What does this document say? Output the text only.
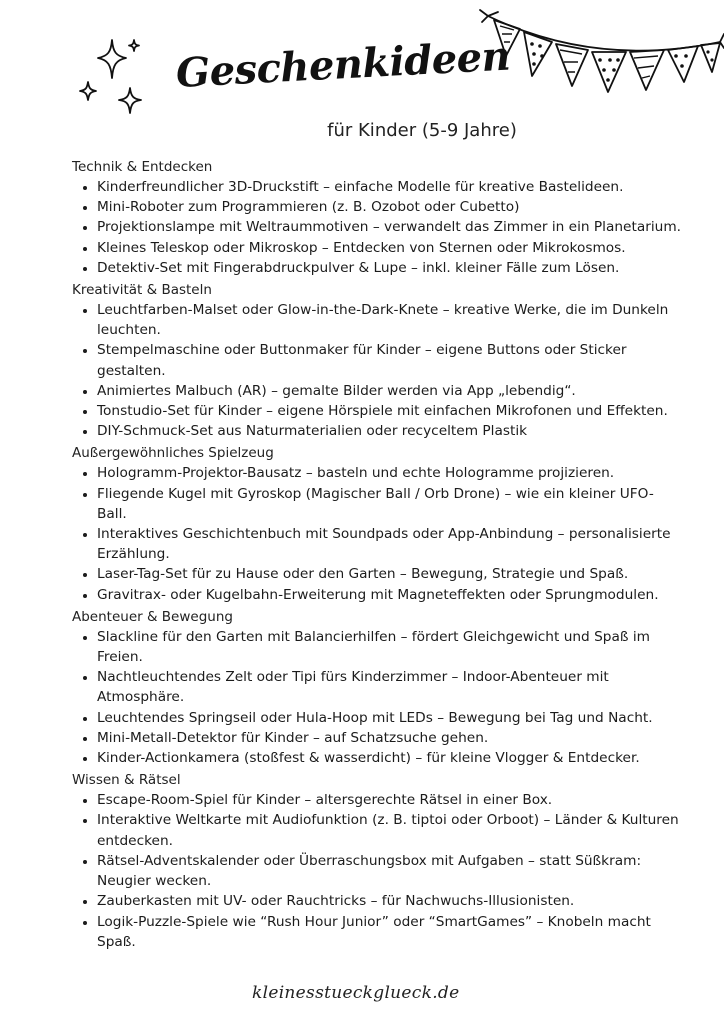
Geschenkideen
für Kinder (5-9 Jahre)

Technik & Entdecken

• Kinderfreundlicher 3D-Druckstift – einfache Modelle für kreative Bastelideen.
• Mini-Roboter zum Programmieren (z. B. Ozobot oder Cubetto)
• Projektionslampe mit Weltraummotiven – verwandelt das Zimmer in ein Planetarium.
• Kleines Teleskop oder Mikroskop – Entdecken von Sternen oder Mikrokosmos.
• Detektiv-Set mit Fingerabdruckpulver & Lupe – inkl. kleiner Fälle zum Lösen.

Kreativität & Basteln

• Leuchtfarben-Malset oder Glow-in-the-Dark-Knete – kreative Werke, die im Dunkeln leuchten.
• Stempelmaschine oder Buttonmaker für Kinder – eigene Buttons oder Sticker gestalten.
• Animiertes Malbuch (AR) – gemalte Bilder werden via App „lebendig“.
• Tonstudio-Set für Kinder – eigene Hörspiele mit einfachen Mikrofonen und Effekten.
• DIY-Schmuck-Set aus Naturmaterialien oder recyceltem Plastik

Außergewöhnliches Spielzeug

• Hologramm-Projektor-Bausatz – basteln und echte Hologramme projizieren.
• Fliegende Kugel mit Gyroskop (Magischer Ball / Orb Drone) – wie ein kleiner UFO-Ball.
• Interaktives Geschichtenbuch mit Soundpads oder App-Anbindung – personalisierte Erzählung.
• Laser-Tag-Set für zu Hause oder den Garten – Bewegung, Strategie und Spaß.
• Gravitrax- oder Kugelbahn-Erweiterung mit Magneteffekten oder Sprungmodulen.

Abenteuer & Bewegung

• Slackline für den Garten mit Balancierhilfen – fördert Gleichgewicht und Spaß im Freien.
• Nachtleuchtendes Zelt oder Tipi fürs Kinderzimmer – Indoor-Abenteuer mit Atmosphäre.
• Leuchtendes Springseil oder Hula-Hoop mit LEDs – Bewegung bei Tag und Nacht.
• Mini-Metall-Detektor für Kinder – auf Schatzsuche gehen.
• Kinder-Actionkamera (stoßfest & wasserdicht) – für kleine Vlogger & Entdecker.

Wissen & Rätsel

• Escape-Room-Spiel für Kinder – altersgerechte Rätsel in einer Box.
• Interaktive Weltkarte mit Audiofunktion (z. B. tiptoi oder Orboot) – Länder & Kulturen entdecken.
• Rätsel-Adventskalender oder Überraschungsbox mit Aufgaben – statt Süßkram: Neugier wecken.
• Zauberkasten mit UV- oder Rauchtricks – für Nachwuchs-Illusionisten.
• Logik-Puzzle-Spiele wie “Rush Hour Junior” oder “SmartGames” – Knobeln macht Spaß.
kleinesstueckglueck.de
